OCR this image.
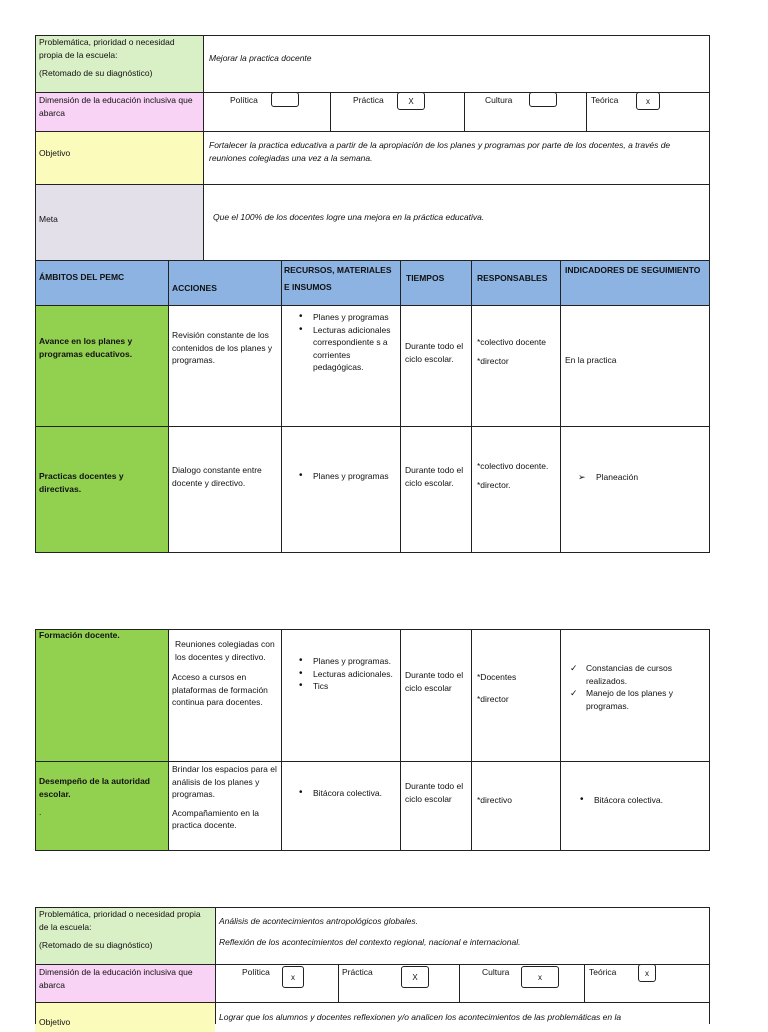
Problemática, prioridad o necesidad propia de la escuela:

(Retomado de su diagnóstico)

Mejorar la practica docente
Dimensión de la educación inclusiva que abarca
Política	Práctica	X	Cultura	Teórica	x
Objetivo
Fortalecer la practica educativa a partir de la apropiación de los planes y programas por parte de los docentes, a través de reuniones colegiadas una vez a la semana.
Meta	Que el 100% de los docentes logre una mejora en la práctica educativa.
ÁMBITOS DEL PEMC
ACCIONES
RECURSOS, MATERIALES E INSUMOS
TIEMPOS	RESPONSABLES
INDICADORES DE SEGUIMIENTO
Avance en los planes y programas educativos.
Revisión constante de los contenidos de los planes y programas.
• Planes y programas
• Lecturas adicionales correspondiente s a corrientes pedagógicas.
Durante todo el ciclo escolar.

*colectivo docente

*director	En la practica
Practicas docentes y directivas.
Dialogo constante entre docente y directivo.
• Planes y programas
Durante todo el ciclo escolar.

*colectivo docente.

*director.

➢ Planeación
Formación docente.

Reuniones colegiadas con los docentes y directivo.

Acceso a cursos en plataformas de formación continua para docentes.

• Planes y programas.
• Lecturas adicionales.
• Tics
Durante todo el ciclo escolar

*Docentes

*director

✓ Constancias de cursos realizados.
✓ Manejo de los planes y programas.

Desempeño de la autoridad escolar.

.

Brindar los espacios para el análisis de los planes y programas.

Acompañamiento en la practica docente.

• Bitácora colectiva.
Durante todo el ciclo escolar	*directivo

•	Bitácora colectiva.

Problemática, prioridad o necesidad propia de la escuela:

(Retomado de su diagnóstico)

Análisis de acontecimientos antropológicos globales.

Reflexión de los acontecimientos del contexto regional, nacional e internacional.

Dimensión de la educación inclusiva que abarca
Política
x
Práctica
X
Cultura
x
Teórica	x
Objetivo	Lograr que los alumnos y docentes reflexionen y/o analicen los acontecimientos de las problemáticas en la
